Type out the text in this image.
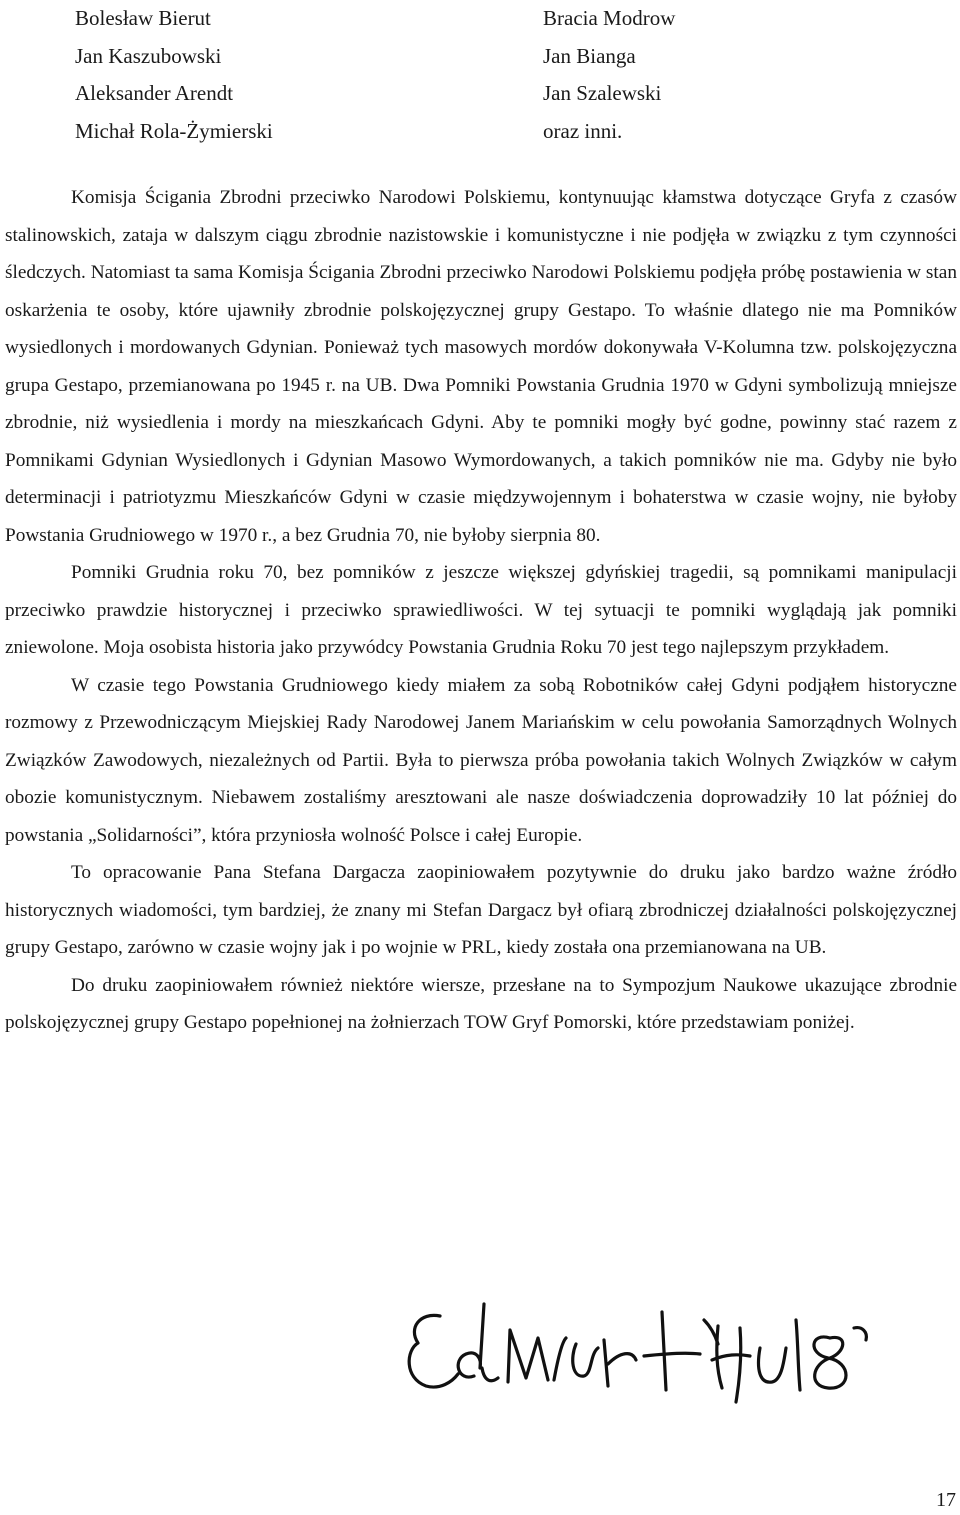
Bolesław Bierut
Jan Kaszubowski
Aleksander Arendt
Michał Rola-Żymierski
Bracia Modrow
Jan Bianga
Jan Szalewski
oraz inni.

Komisja Ścigania Zbrodni przeciwko Narodowi Polskiemu, kontynuując kłamstwa dotyczące Gryfa z czasów stalinowskich, zataja w dalszym ciągu zbrodnie nazistowskie i komunistyczne i nie podjęła w związku z tym czynności śledczych. Natomiast ta sama Komisja Ścigania Zbrodni przeciwko Narodowi Polskiemu podjęła próbę postawienia w stan oskarżenia te osoby, które ujawniły zbrodnie polskojęzycznej grupy Gestapo. To właśnie dlatego nie ma Pomników wysiedlonych i mordowanych Gdynian. Ponieważ tych masowych mordów dokonywała V-Kolumna tzw. polskojęzyczna grupa Gestapo, przemianowana po 1945 r. na UB. Dwa Pomniki Powstania Grudnia 1970 w Gdyni symbolizują mniejsze zbrodnie, niż wysiedlenia i mordy na mieszkańcach Gdyni. Aby te pomniki mogły być godne, powinny stać razem z Pomnikami Gdynian Wysiedlonych i Gdynian Masowo Wymordowanych, a takich pomników nie ma. Gdyby nie było determinacji i patriotyzmu Mieszkańców Gdyni w czasie międzywojennym i bohaterstwa w czasie wojny, nie byłoby Powstania Grudniowego w 1970 r., a bez Grudnia 70, nie byłoby sierpnia 80.

Pomniki Grudnia roku 70, bez pomników z jeszcze większej gdyńskiej tragedii, są pomnikami manipulacji przeciwko prawdzie historycznej i przeciwko sprawiedliwości. W tej sytuacji te pomniki wyglądają jak pomniki zniewolone. Moja osobista historia jako przywódcy Powstania Grudnia Roku 70 jest tego najlepszym przykładem.

W czasie tego Powstania Grudniowego kiedy miałem za sobą Robotników całej Gdyni podjąłem historyczne rozmowy z Przewodniczącym Miejskiej Rady Narodowej Janem Mariańskim w celu powołania Samorządnych Wolnych Związków Zawodowych, niezależnych od Partii. Była to pierwsza próba powołania takich Wolnych Związków w całym obozie komunistycznym. Niebawem zostaliśmy aresztowani ale nasze doświadczenia doprowadziły 10 lat później do powstania „Solidarności”, która przyniosła wolność Polsce i całej Europie.

To opracowanie Pana Stefana Dargacza zaopiniowałem pozytywnie do druku jako bardzo ważne źródło historycznych wiadomości, tym bardziej, że znany mi Stefan Dargacz był ofiarą zbrodniczej działalności polskojęzycznej grupy Gestapo, zarówno w czasie wojny jak i po wojnie w PRL, kiedy została ona przemianowana na UB.

Do druku zaopiniowałem również niektóre wiersze, przesłane na to Sympozjum Naukowe ukazujące zbrodnie polskojęzycznej grupy Gestapo popełnionej na żołnierzach TOW Gryf Pomorski, które przedstawiam poniżej.

17
